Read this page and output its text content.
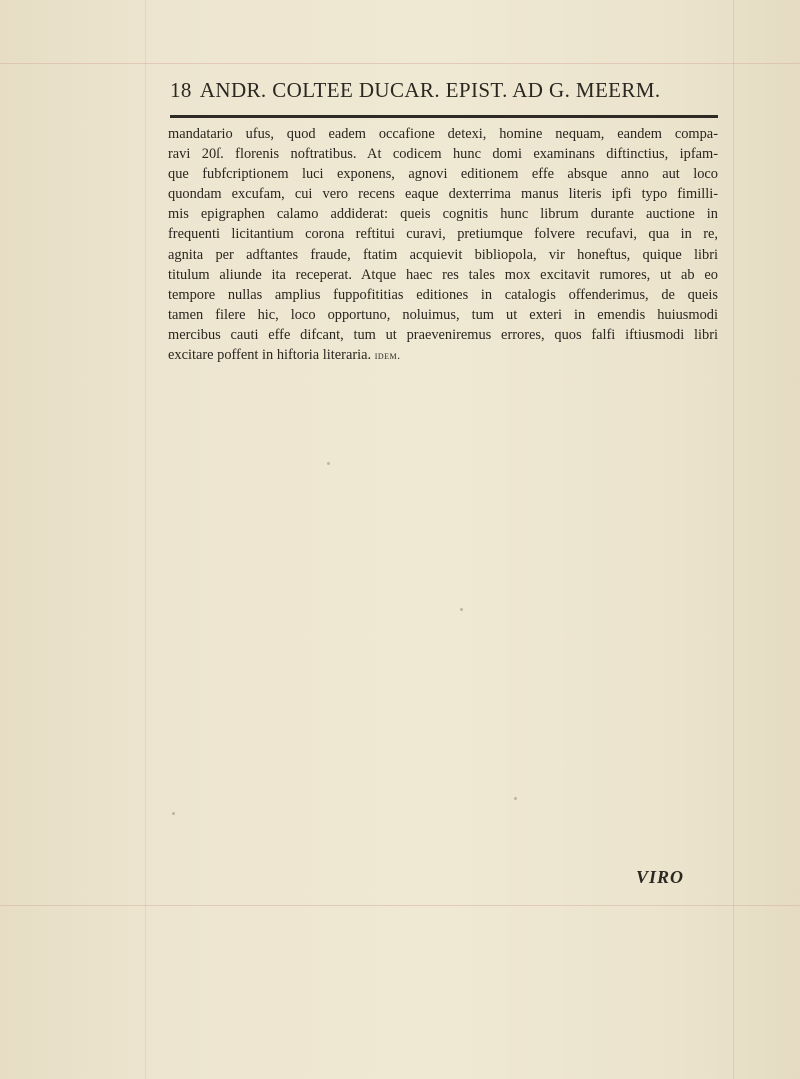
18 ANDR. COLTEE DUCAR. EPIST. AD G. MEERM.
mandatario ufus, quod eadem occafione detexi, homine nequam, eandem compa-
ravi 20ſ. florenis noftratibus. At codicem hunc domi examinans diftinctius, ipfam-
que fubfcriptionem luci exponens, agnovi editionem effe absque anno aut loco
quondam excufam, cui vero recens eaque dexterrima manus literis ipfi typo fimilli-
mis epigraphen calamo addiderat: queis cognitis hunc librum durante auctione in
frequenti licitantium corona reftitui curavi, pretiumque folvere recufavi, qua in re,
agnita per adftantes fraude, ftatim acquievit bibliopola, vir honeftus, quique libri
titulum aliunde ita receperat. Atque haec res tales mox excitavit rumores, ut ab eo
tempore nullas amplius fuppofititias editiones in catalogis offenderimus, de queis
tamen filere hic, loco opportuno, noluimus, tum ut exteri in emendis huiusmodi
mercibus cauti effe difcant, tum ut praeveniremus errores, quos falfi iftiusmodi libri
excitare poffent in hiftoria literaria. idem.
VIRO
